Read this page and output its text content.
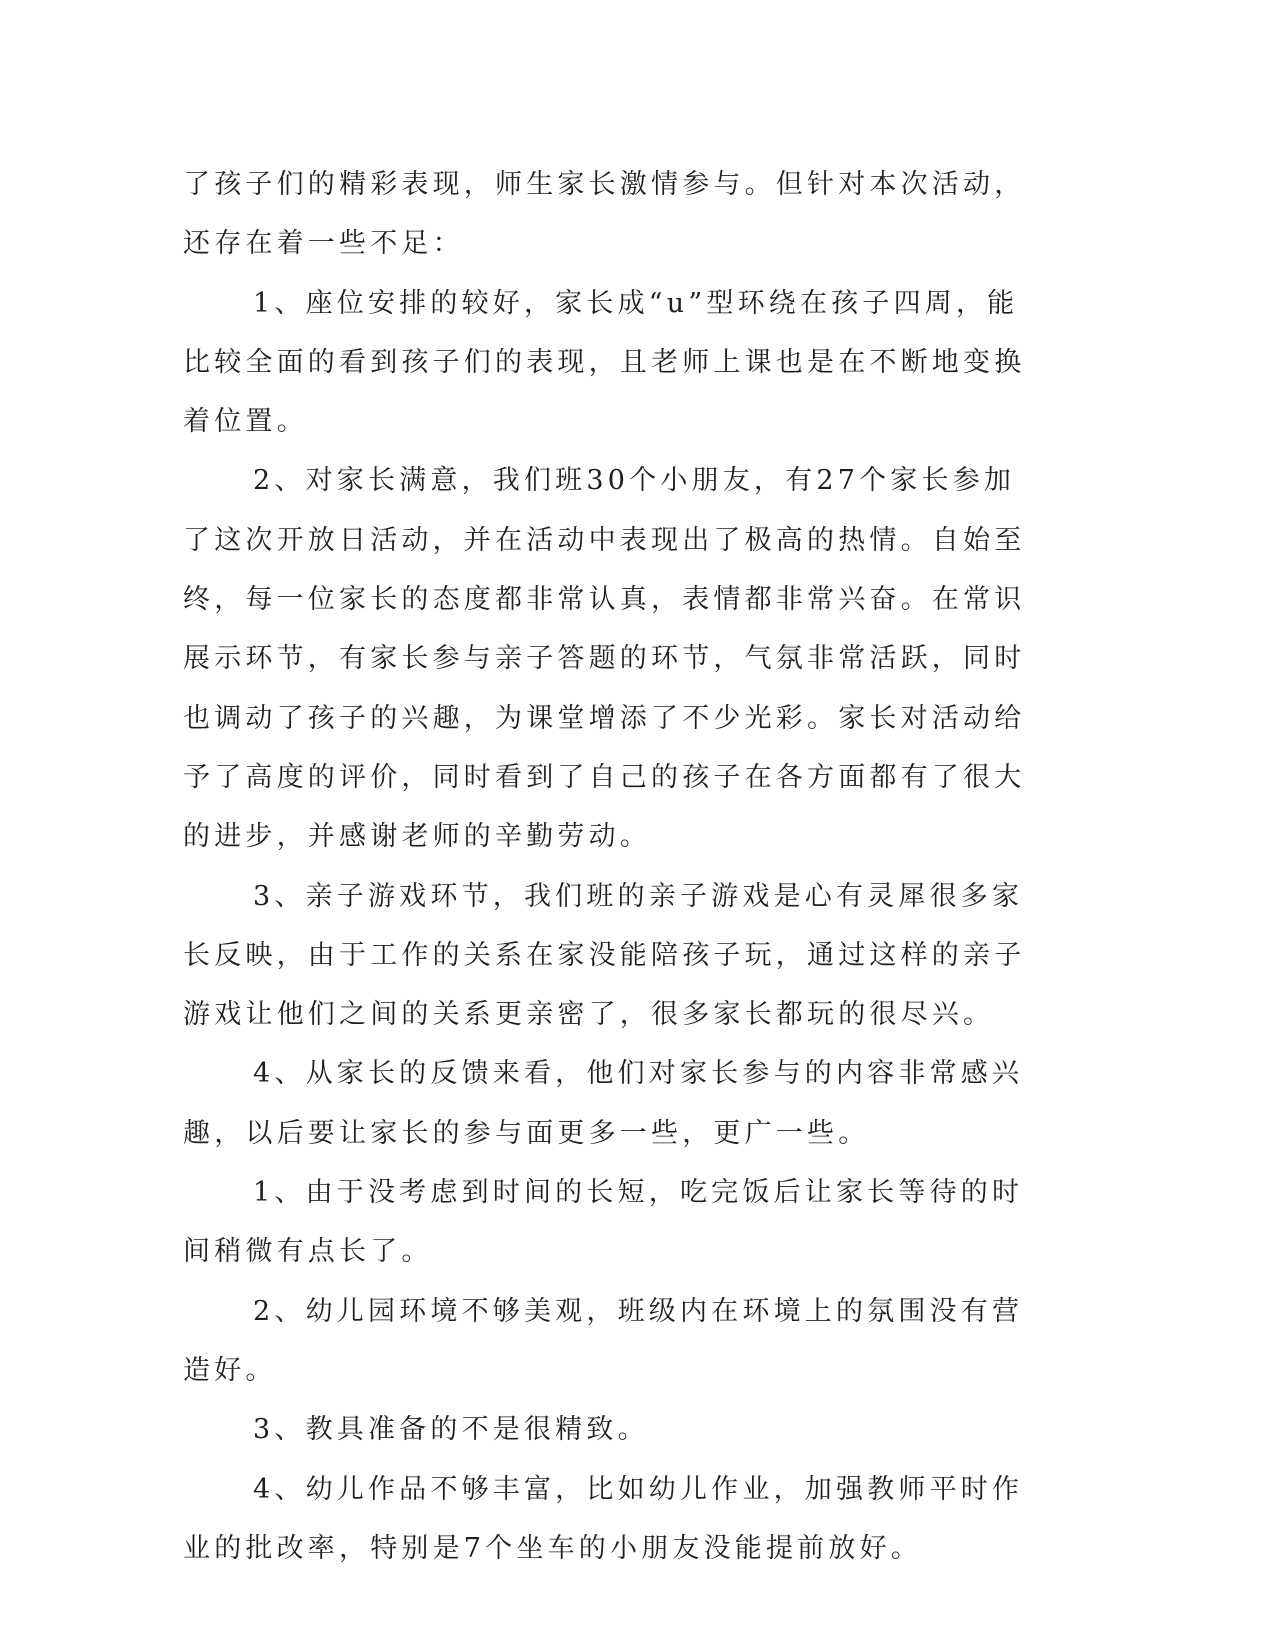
了孩子们的精彩表现，师生家长激情参与。但针对本次活动，还存在着一些不足：

1、座位安排的较好，家长成“u”型环绕在孩子四周，能比较全面的看到孩子们的表现，且老师上课也是在不断地变换着位置。

2、对家长满意，我们班30个小朋友，有27个家长参加了这次开放日活动，并在活动中表现出了极高的热情。自始至终，每一位家长的态度都非常认真，表情都非常兴奋。在常识展示环节，有家长参与亲子答题的环节，气氛非常活跃，同时也调动了孩子的兴趣，为课堂增添了不少光彩。家长对活动给予了高度的评价，同时看到了自己的孩子在各方面都有了很大的进步，并感谢老师的辛勤劳动。

3、亲子游戏环节，我们班的亲子游戏是心有灵犀很多家长反映，由于工作的关系在家没能陪孩子玩，通过这样的亲子游戏让他们之间的关系更亲密了，很多家长都玩的很尽兴。

4、从家长的反馈来看，他们对家长参与的内容非常感兴趣，以后要让家长的参与面更多一些，更广一些。

1、由于没考虑到时间的长短，吃完饭后让家长等待的时间稍微有点长了。

2、幼儿园环境不够美观，班级内在环境上的氛围没有营造好。

3、教具准备的不是很精致。

4、幼儿作品不够丰富，比如幼儿作业，加强教师平时作业的批改率，特别是7个坐车的小朋友没能提前放好。
